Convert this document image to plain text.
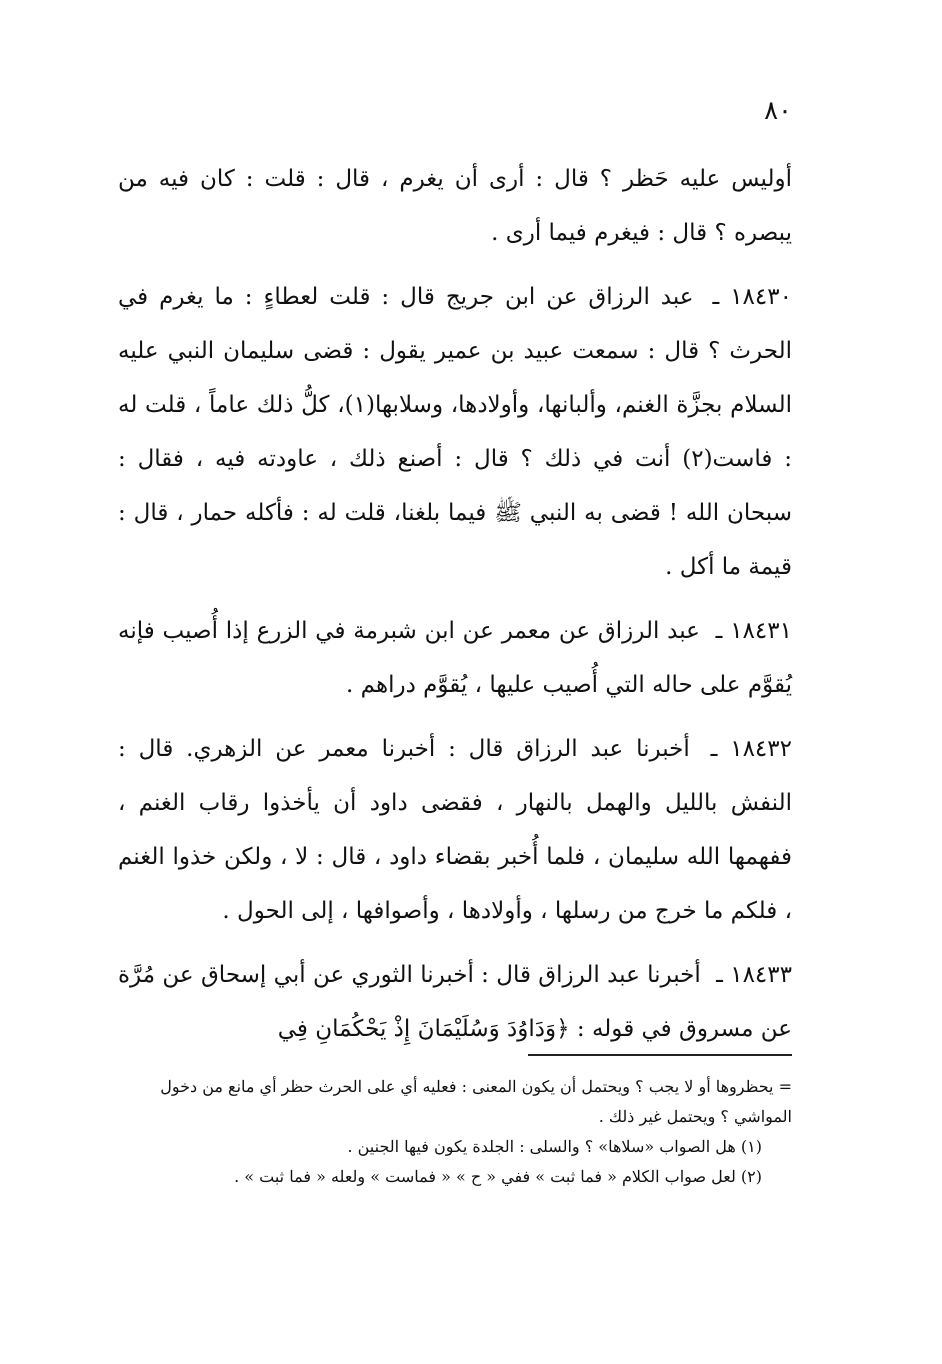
٨٠

أوليس عليه حَظر ؟ قال : أرى أن يغرم ، قال : قلت : كان فيه من يبصره ؟ قال : فيغرم فيما أرى .

١٨٤٣٠ ـ عبد الرزاق عن ابن جريج قال : قلت لعطاءٍ : ما يغرم في الحرث ؟ قال : سمعت عبيد بن عمير يقول : قضى سليمان النبي عليه السلام بجزَّة الغنم، وألبانها، وأولادها، وسلابها(١)، كلُّ ذلك عاماً ، قلت له : فاست(٢) أنت في ذلك ؟ قال : أصنع ذلك ، عاودته فيه ، فقال : سبحان الله ! قضى به النبي ﷺ فيما بلغنا، قلت له : فأكله حمار ، قال : قيمة ما أكل .

١٨٤٣١ ـ عبد الرزاق عن معمر عن ابن شبرمة في الزرع إذا أُصيب فإنه يُقوَّم على حاله التي أُصيب عليها ، يُقوَّم دراهم .

١٨٤٣٢ ـ أخبرنا عبد الرزاق قال : أخبرنا معمر عن الزهري. قال : النفش بالليل والهمل بالنهار ، فقضى داود أن يأخذوا رقاب الغنم ، ففهمها الله سليمان ، فلما أُخبر بقضاء داود ، قال : لا ، ولكن خذوا الغنم ، فلكم ما خرج من رسلها ، وأولادها ، وأصوافها ، إلى الحول .

١٨٤٣٣ ـ أخبرنا عبد الرزاق قال : أخبرنا الثوري عن أبي إسحاق عن مُرَّة عن مسروق في قوله : ﴿وَدَاوُدَ وَسُلَيْمَانَ إِذْ يَحْكُمَانِ فِي

= يحظروها أو لا يجب ؟ ويحتمل أن يكون المعنى : فعليه أي على الحرث حظر أي مانع من دخول المواشي ؟ ويحتمل غير ذلك .

(١) هل الصواب «سلاها» ؟ والسلى : الجلدة يكون فيها الجنين .

(٢) لعل صواب الكلام « فما ثبت » ففي « ح » « فماست » ولعله « فما ثبت » .
